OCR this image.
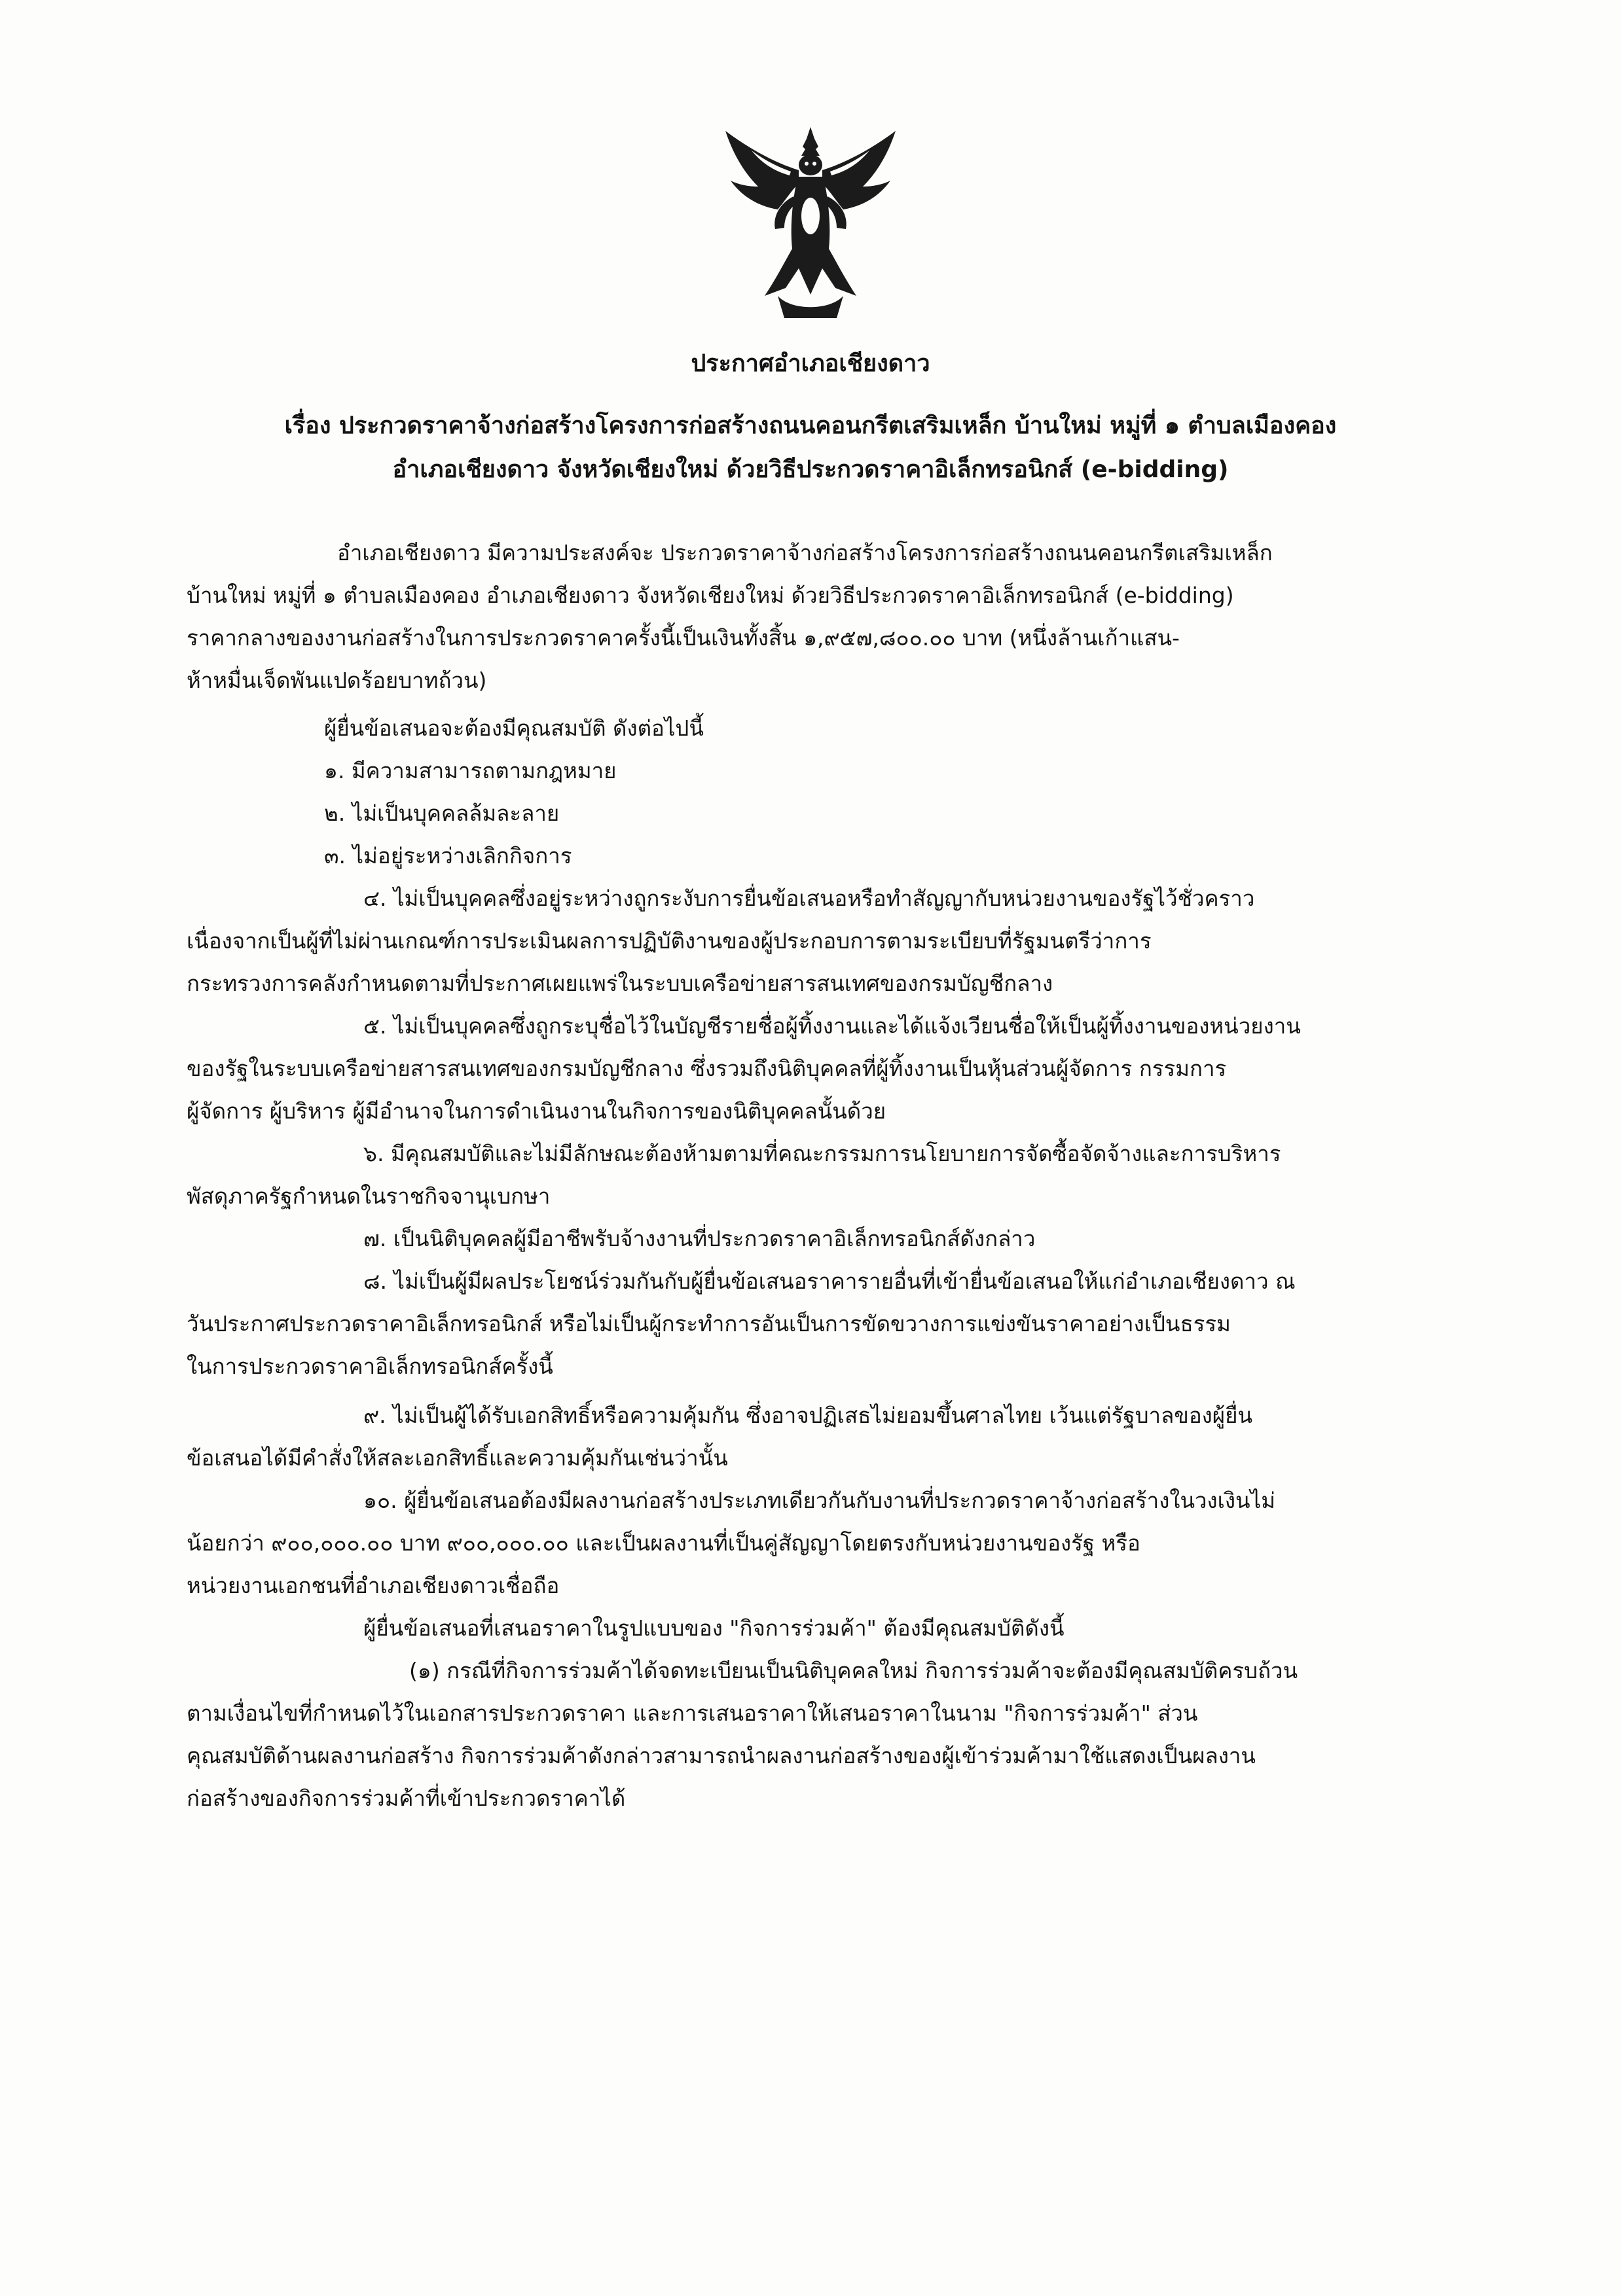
ประกาศอำเภอเชียงดาว
เรื่อง ประกวดราคาจ้างก่อสร้างโครงการก่อสร้างถนนคอนกรีตเสริมเหล็ก บ้านใหม่ หมู่ที่ ๑ ตำบลเมืองคอง
อำเภอเชียงดาว จังหวัดเชียงใหม่ ด้วยวิธีประกวดราคาอิเล็กทรอนิกส์ (e-bidding)
อำเภอเชียงดาว มีความประสงค์จะ ประกวดราคาจ้างก่อสร้างโครงการก่อสร้างถนนคอนกรีตเสริมเหล็ก
บ้านใหม่ หมู่ที่ ๑ ตำบลเมืองคอง อำเภอเชียงดาว จังหวัดเชียงใหม่ ด้วยวิธีประกวดราคาอิเล็กทรอนิกส์ (e-bidding)
ราคากลางของงานก่อสร้างในการประกวดราคาครั้งนี้เป็นเงินทั้งสิ้น ๑,๙๕๗,๘๐๐.๐๐ บาท (หนึ่งล้านเก้าแสน-
ห้าหมื่นเจ็ดพันแปดร้อยบาทถ้วน)
ผู้ยื่นข้อเสนอจะต้องมีคุณสมบัติ ดังต่อไปนี้
๑. มีความสามารถตามกฎหมาย
๒. ไม่เป็นบุคคลล้มละลาย
๓. ไม่อยู่ระหว่างเลิกกิจการ
๔. ไม่เป็นบุคคลซึ่งอยู่ระหว่างถูกระงับการยื่นข้อเสนอหรือทำสัญญากับหน่วยงานของรัฐไว้ชั่วคราว
เนื่องจากเป็นผู้ที่ไม่ผ่านเกณฑ์การประเมินผลการปฏิบัติงานของผู้ประกอบการตามระเบียบที่รัฐมนตรีว่าการ
กระทรวงการคลังกำหนดตามที่ประกาศเผยแพร่ในระบบเครือข่ายสารสนเทศของกรมบัญชีกลาง
๕. ไม่เป็นบุคคลซึ่งถูกระบุชื่อไว้ในบัญชีรายชื่อผู้ทิ้งงานและได้แจ้งเวียนชื่อให้เป็นผู้ทิ้งงานของหน่วยงาน
ของรัฐในระบบเครือข่ายสารสนเทศของกรมบัญชีกลาง ซึ่งรวมถึงนิติบุคคลที่ผู้ทิ้งงานเป็นหุ้นส่วนผู้จัดการ กรรมการ
ผู้จัดการ ผู้บริหาร ผู้มีอำนาจในการดำเนินงานในกิจการของนิติบุคคลนั้นด้วย
๖. มีคุณสมบัติและไม่มีลักษณะต้องห้ามตามที่คณะกรรมการนโยบายการจัดซื้อจัดจ้างและการบริหาร
พัสดุภาครัฐกำหนดในราชกิจจานุเบกษา
๗. เป็นนิติบุคคลผู้มีอาชีพรับจ้างงานที่ประกวดราคาอิเล็กทรอนิกส์ดังกล่าว
๘. ไม่เป็นผู้มีผลประโยชน์ร่วมกันกับผู้ยื่นข้อเสนอราคารายอื่นที่เข้ายื่นข้อเสนอให้แก่อำเภอเชียงดาว ณ
วันประกาศประกวดราคาอิเล็กทรอนิกส์ หรือไม่เป็นผู้กระทำการอันเป็นการขัดขวางการแข่งขันราคาอย่างเป็นธรรม
ในการประกวดราคาอิเล็กทรอนิกส์ครั้งนี้
๙. ไม่เป็นผู้ได้รับเอกสิทธิ์หรือความคุ้มกัน ซึ่งอาจปฏิเสธไม่ยอมขึ้นศาลไทย เว้นแต่รัฐบาลของผู้ยื่น
ข้อเสนอได้มีคำสั่งให้สละเอกสิทธิ์และความคุ้มกันเช่นว่านั้น
๑๐. ผู้ยื่นข้อเสนอต้องมีผลงานก่อสร้างประเภทเดียวกันกับงานที่ประกวดราคาจ้างก่อสร้างในวงเงินไม่
น้อยกว่า ๙๐๐,๐๐๐.๐๐ บาท ๙๐๐,๐๐๐.๐๐ และเป็นผลงานที่เป็นคู่สัญญาโดยตรงกับหน่วยงานของรัฐ หรือ
หน่วยงานเอกชนที่อำเภอเชียงดาวเชื่อถือ
ผู้ยื่นข้อเสนอที่เสนอราคาในรูปแบบของ "กิจการร่วมค้า" ต้องมีคุณสมบัติดังนี้
(๑) กรณีที่กิจการร่วมค้าได้จดทะเบียนเป็นนิติบุคคลใหม่ กิจการร่วมค้าจะต้องมีคุณสมบัติครบถ้วน
ตามเงื่อนไขที่กำหนดไว้ในเอกสารประกวดราคา และการเสนอราคาให้เสนอราคาในนาม "กิจการร่วมค้า" ส่วน
คุณสมบัติด้านผลงานก่อสร้าง กิจการร่วมค้าดังกล่าวสามารถนำผลงานก่อสร้างของผู้เข้าร่วมค้ามาใช้แสดงเป็นผลงาน
ก่อสร้างของกิจการร่วมค้าที่เข้าประกวดราคาได้
